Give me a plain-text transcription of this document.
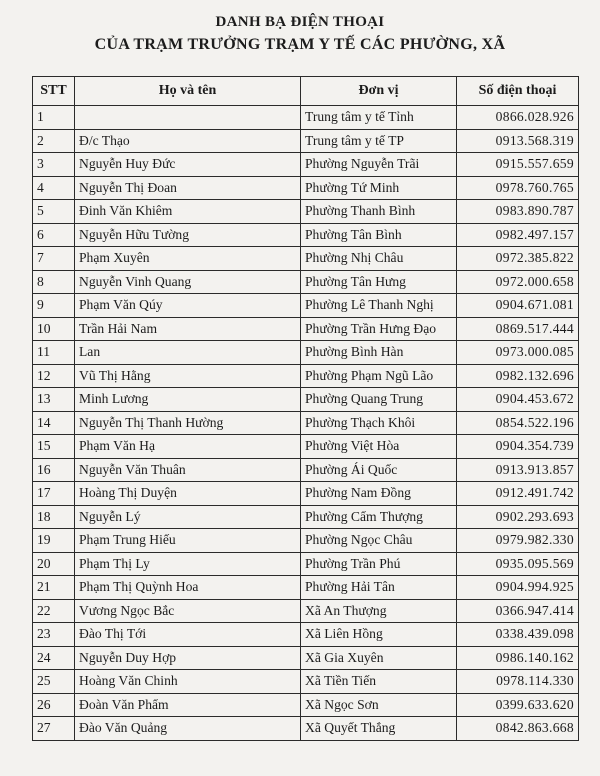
DANH BẠ ĐIỆN THOẠI
CỦA TRẠM TRƯỞNG TRẠM Y TẾ CÁC PHƯỜNG, XÃ
STT	Họ và tên	Đơn vị	Số điện thoại
1		Trung tâm y tế Tỉnh	0866.028.926
2	Đ/c Thạo	Trung tâm y tế TP	0913.568.319
3	Nguyễn Huy Đức	Phường Nguyễn Trãi	0915.557.659
4	Nguyễn Thị Đoan	Phường Tứ Minh	0978.760.765
5	Đinh Văn Khiêm	Phường Thanh Bình	0983.890.787
6	Nguyễn Hữu Tường	Phường Tân Bình	0982.497.157
7	Phạm Xuyên	Phường Nhị Châu	0972.385.822
8	Nguyễn Vinh Quang	Phường Tân Hưng	0972.000.658
9	Phạm Văn Qúy	Phường Lê Thanh Nghị	0904.671.081
10	Trần Hải Nam	Phường Trần Hưng Đạo	0869.517.444
11	Lan	Phường Bình Hàn	0973.000.085
12	Vũ Thị Hằng	Phường Phạm Ngũ Lão	0982.132.696
13	Minh Lương	Phường Quang Trung	0904.453.672
14	Nguyễn Thị Thanh Hường	Phường Thạch Khôi	0854.522.196
15	Phạm Văn Hạ	Phường Việt Hòa	0904.354.739
16	Nguyễn Văn Thuân	Phường Ái Quốc	0913.913.857
17	Hoàng Thị Duyện	Phường Nam Đồng	0912.491.742
18	Nguyễn Lý	Phường Cẩm Thượng	0902.293.693
19	Phạm Trung Hiếu	Phường Ngọc Châu	0979.982.330
20	Phạm Thị Ly	Phường Trần Phú	0935.095.569
21	Phạm Thị Quỳnh Hoa	Phường Hải Tân	0904.994.925
22	Vương Ngọc Bắc	Xã An Thượng	0366.947.414
23	Đào Thị Tới	Xã Liên Hồng	0338.439.098
24	Nguyễn Duy Hợp	Xã Gia Xuyên	0986.140.162
25	Hoàng Văn Chinh	Xã Tiền Tiến	0978.114.330
26	Đoàn Văn Phẩm	Xã Ngọc Sơn	0399.633.620
27	Đào Văn Quảng	Xã Quyết Thắng	0842.863.668
